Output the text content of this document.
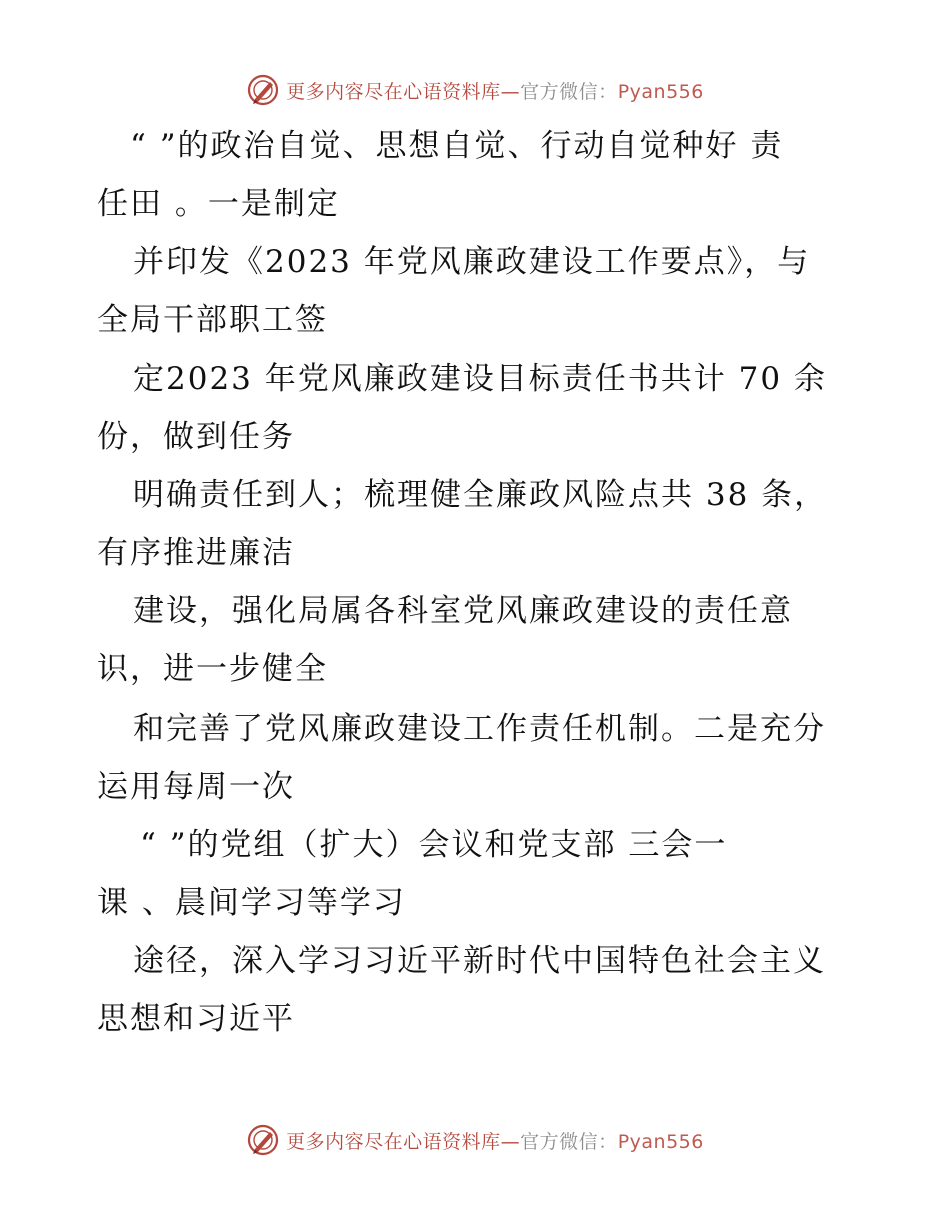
更多内容尽在心语资料库—官方微信：Pyan556
“ ”的政治自觉、思想自觉、行动自觉种好 责
任田 。一是制定
并印发《2023 年党风廉政建设工作要点》，与
全局干部职工签
定2023 年党风廉政建设目标责任书共计 70 余
份，做到任务
明确责任到人；梳理健全廉政风险点共 38 条，
有序推进廉洁
建设，强化局属各科室党风廉政建设的责任意
识，进一步健全
和完善了党风廉政建设工作责任机制。二是充分
运用每周一次
“ ”的党组（扩大）会议和党支部 三会一
课 、晨间学习等学习
途径，深入学习习近平新时代中国特色社会主义
思想和习近平
更多内容尽在心语资料库—官方微信：Pyan556
